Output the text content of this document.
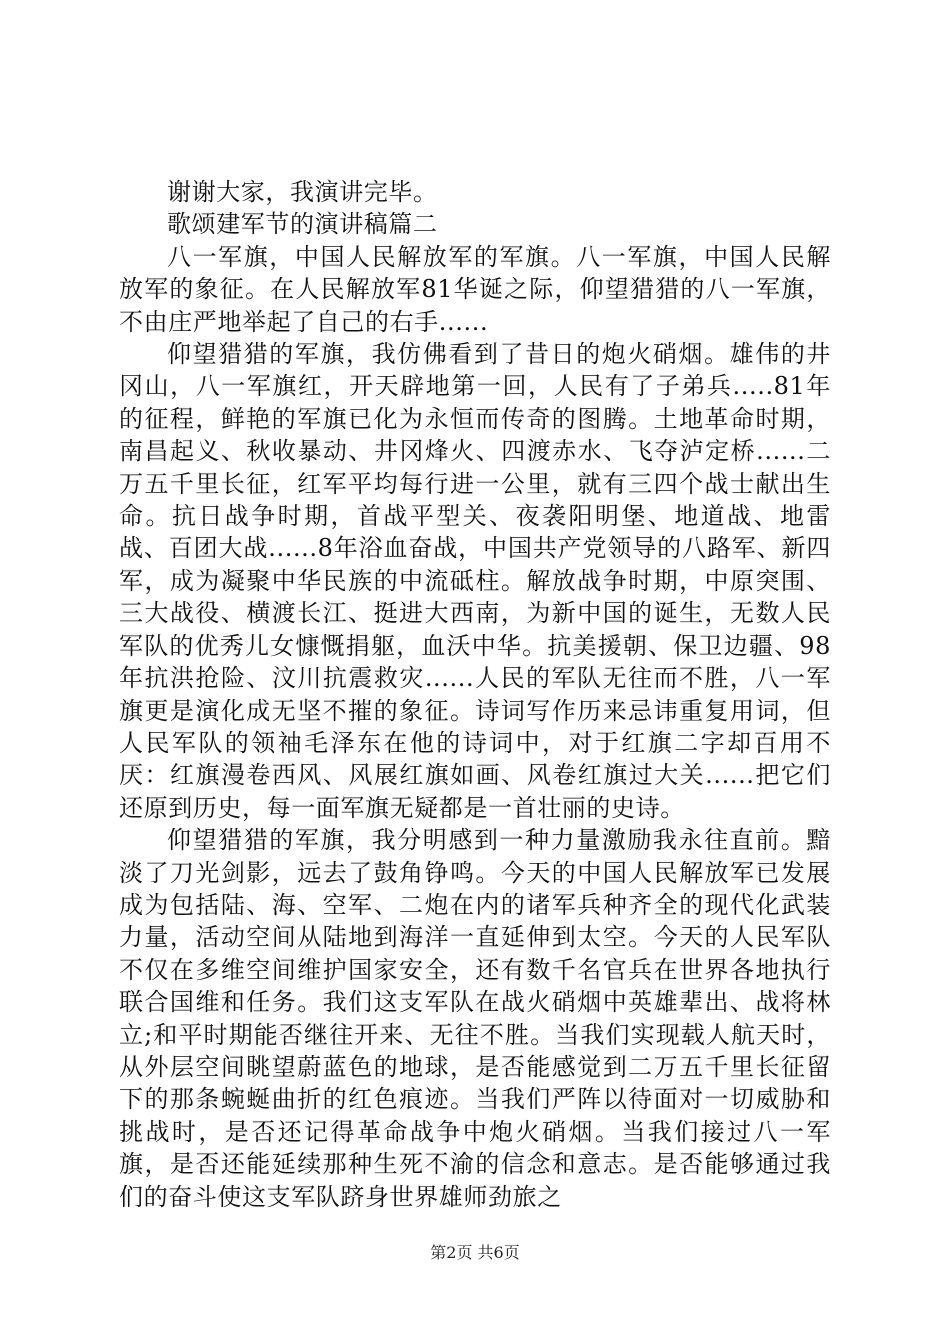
谢谢大家，我演讲完毕。

歌颂建军节的演讲稿篇二

八一军旗，中国人民解放军的军旗。八一军旗，中国人民解放军的象征。在人民解放军81华诞之际，仰望猎猎的八一军旗，不由庄严地举起了自己的右手......

仰望猎猎的军旗，我仿佛看到了昔日的炮火硝烟。雄伟的井冈山，八一军旗红，开天辟地第一回，人民有了子弟兵.....81年的征程，鲜艳的军旗已化为永恒而传奇的图腾。土地革命时期，南昌起义、秋收暴动、井冈烽火、四渡赤水、飞夺泸定桥......二万五千里长征，红军平均每行进一公里，就有三四个战士献出生命。抗日战争时期，首战平型关、夜袭阳明堡、地道战、地雷战、百团大战......8年浴血奋战，中国共产党领导的八路军、新四军，成为凝聚中华民族的中流砥柱。解放战争时期，中原突围、三大战役、横渡长江、挺进大西南，为新中国的诞生，无数人民军队的优秀儿女慷慨捐躯，血沃中华。抗美援朝、保卫边疆、98年抗洪抢险、汶川抗震救灾......人民的军队无往而不胜，八一军旗更是演化成无坚不摧的象征。诗词写作历来忌讳重复用词，但人民军队的领袖毛泽东在他的诗词中，对于红旗二字却百用不厌：红旗漫卷西风、风展红旗如画、风卷红旗过大关......把它们还原到历史，每一面军旗无疑都是一首壮丽的史诗。

仰望猎猎的军旗，我分明感到一种力量激励我永往直前。黯淡了刀光剑影，远去了鼓角铮鸣。今天的中国人民解放军已发展成为包括陆、海、空军、二炮在内的诸军兵种齐全的现代化武装力量，活动空间从陆地到海洋一直延伸到太空。今天的人民军队不仅在多维空间维护国家安全，还有数千名官兵在世界各地执行联合国维和任务。我们这支军队在战火硝烟中英雄辈出、战将林立;和平时期能否继往开来、无往不胜。当我们实现载人航天时，从外层空间眺望蔚蓝色的地球，是否能感觉到二万五千里长征留下的那条蜿蜒曲折的红色痕迹。当我们严阵以待面对一切威胁和挑战时，是否还记得革命战争中炮火硝烟。当我们接过八一军旗，是否还能延续那种生死不渝的信念和意志。是否能够通过我们的奋斗使这支军队跻身世界雄师劲旅之

第2页 共6页
